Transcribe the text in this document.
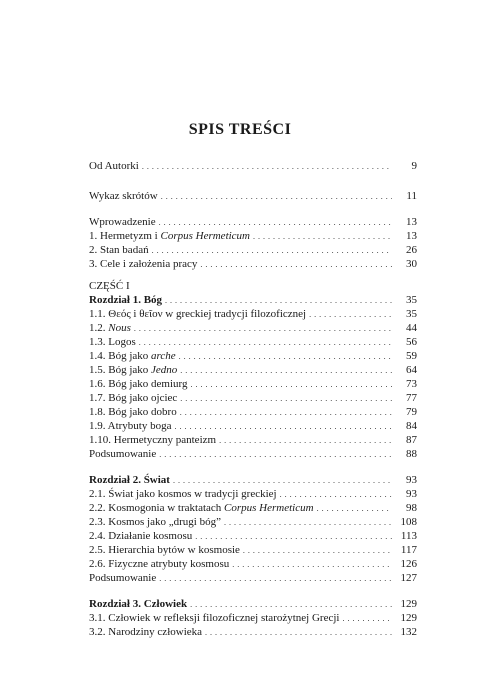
SPIS TREŚCI
Od Autorki . . .	9
Wykaz skrótów . . .	11
Wprowadzenie . . .	13
1. Hermetyzm i Corpus Hermeticum . . .	13
2. Stan badań . . .	26
3. Cele i założenia pracy . . .	30
CZĘŚĆ I
Rozdział 1. Bóg . . .	35
1.1. Θεός i θεῖον w greckiej tradycji filozoficznej . . .	35
1.2. Nous . . .	44
1.3. Logos . . .	56
1.4. Bóg jako arche . . .	59
1.5. Bóg jako Jedno . . .	64
1.6. Bóg jako demiurg . . .	73
1.7. Bóg jako ojciec . . .	77
1.8. Bóg jako dobro . . .	79
1.9. Atrybuty boga . . .	84
1.10. Hermetyczny panteizm . . .	87
Podsumowanie . . .	88
Rozdział 2. Świat . . .	93
2.1. Świat jako kosmos w tradycji greckiej . . .	93
2.2. Kosmogonia w traktatach Corpus Hermeticum . . .	98
2.3. Kosmos jako „drugi bóg” . . .	108
2.4. Działanie kosmosu . . .	113
2.5. Hierarchia bytów w kosmosie . . .	117
2.6. Fizyczne atrybuty kosmosu . . .	126
Podsumowanie . . .	127
Rozdział 3. Człowiek . . .	129
3.1. Człowiek w refleksji filozoficznej starożytnej Grecji . . .	129
3.2. Narodziny człowieka . . .	132
